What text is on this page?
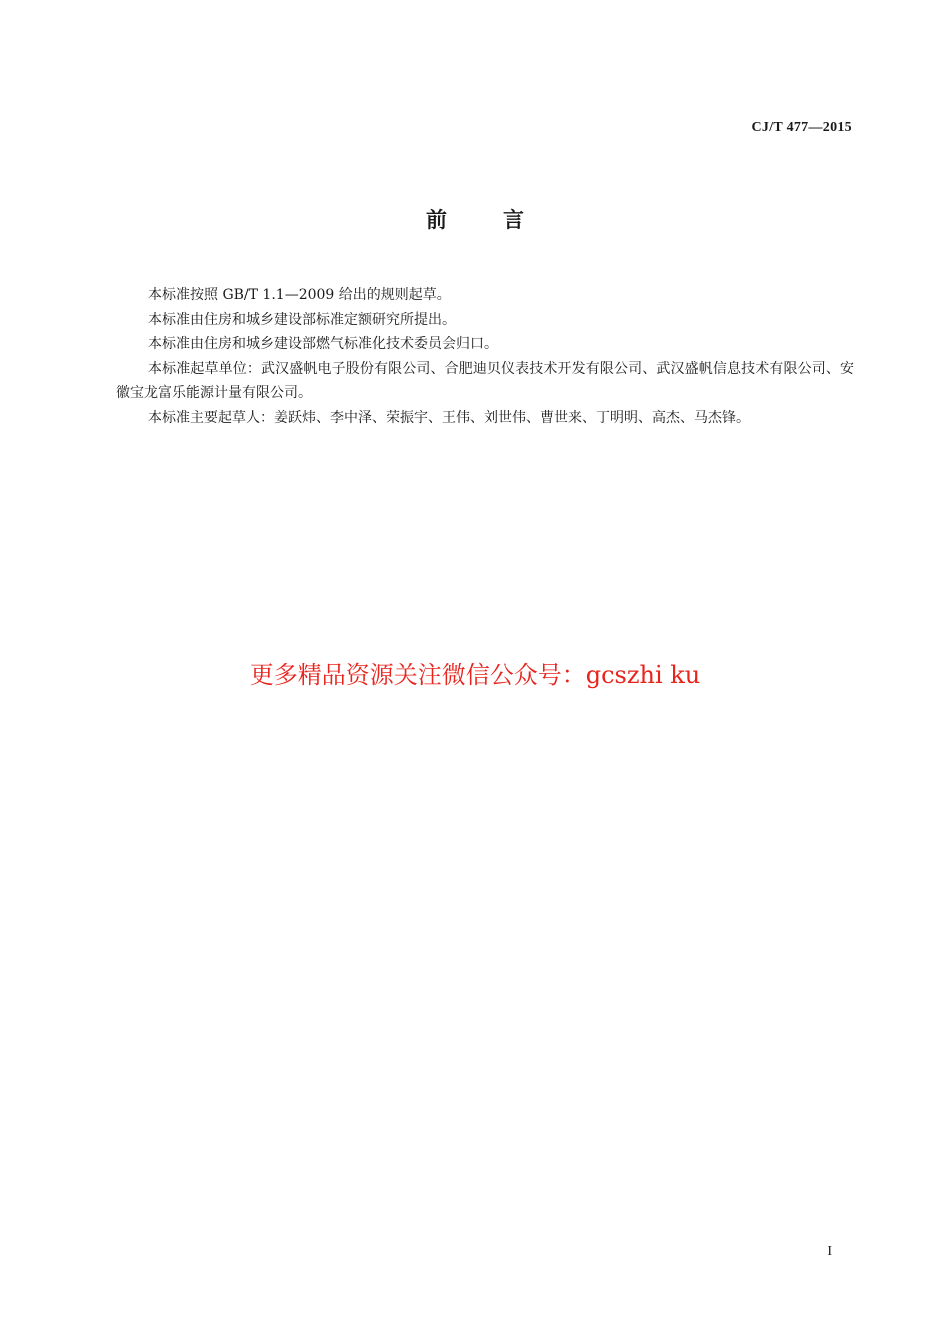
CJ/T 477—2015
前言

本标准按照 GB/T 1.1—2009 给出的规则起草。

本标准由住房和城乡建设部标准定额研究所提出。

本标准由住房和城乡建设部燃气标准化技术委员会归口。

本标准起草单位：武汉盛帆电子股份有限公司、合肥迪贝仪表技术开发有限公司、武汉盛帆信息技术有限公司、安徽宝龙富乐能源计量有限公司。

本标准主要起草人：姜跃炜、李中泽、荣振宇、王伟、刘世伟、曹世来、丁明明、高杰、马杰锋。

更多精品资源关注微信公众号：gcszhi ku
I
